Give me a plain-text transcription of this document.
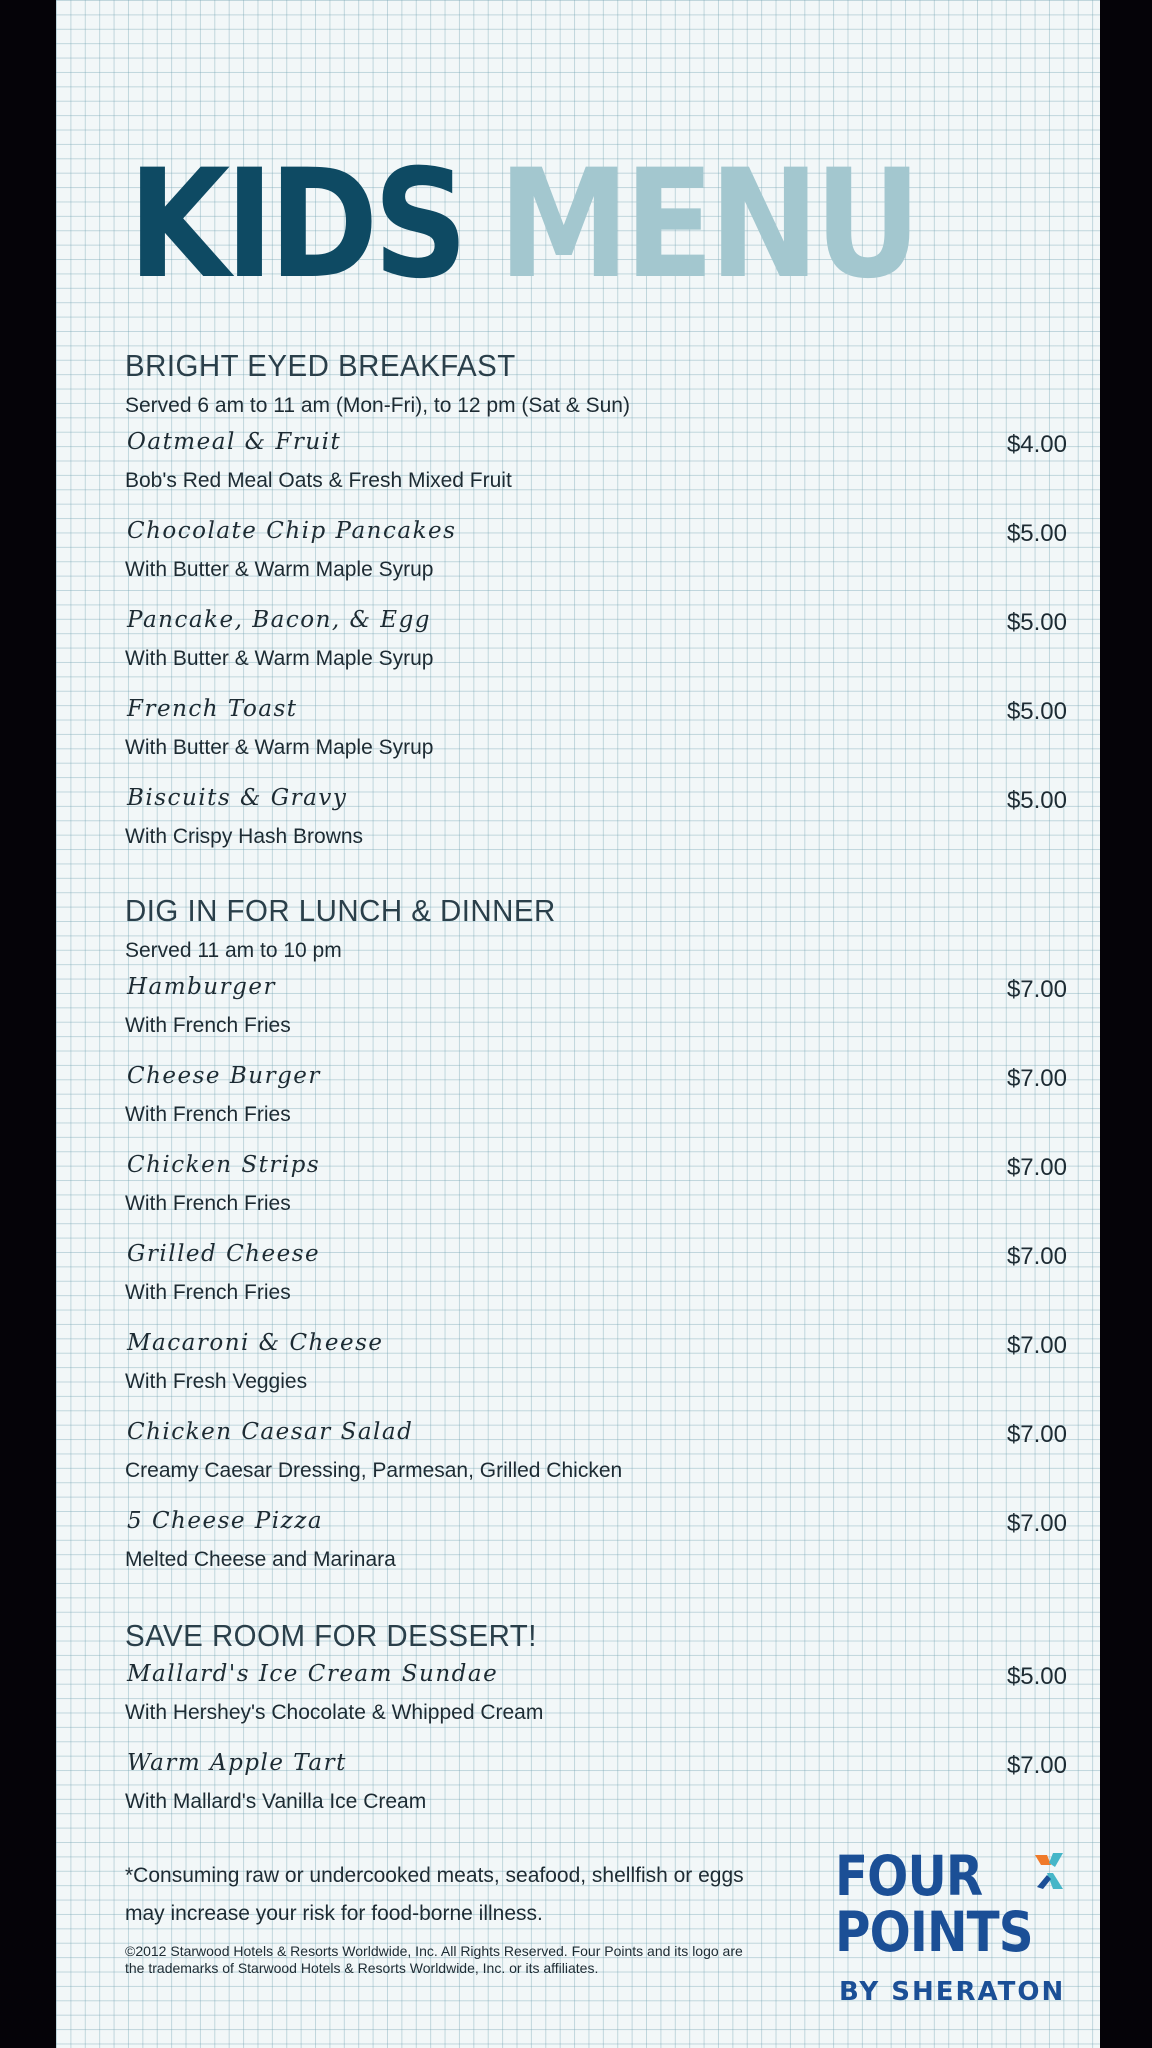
KIDS MENU
BRIGHT EYED BREAKFAST
Served 6 am to 11 am (Mon-Fri), to 12 pm (Sat & Sun)
Oatmeal & Fruit	$4.00
Bob's Red Meal Oats & Fresh Mixed Fruit
Chocolate Chip Pancakes	$5.00
With Butter & Warm Maple Syrup
Pancake, Bacon, & Egg	$5.00
With Butter & Warm Maple Syrup
French Toast	$5.00
With Butter & Warm Maple Syrup
Biscuits & Gravy	$5.00
With Crispy Hash Browns
DIG IN FOR LUNCH & DINNER
Served 11 am to 10 pm
Hamburger	$7.00
With French Fries
Cheese Burger	$7.00
With French Fries
Chicken Strips	$7.00
With French Fries
Grilled Cheese	$7.00
With French Fries
Macaroni & Cheese	$7.00
With Fresh Veggies
Chicken Caesar Salad	$7.00
Creamy Caesar Dressing, Parmesan, Grilled Chicken
5 Cheese Pizza	$7.00
Melted Cheese and Marinara
SAVE ROOM FOR DESSERT!
Mallard's Ice Cream Sundae	$5.00
With Hershey's Chocolate & Whipped Cream
Warm Apple Tart	$7.00
With Mallard's Vanilla Ice Cream
*Consuming raw or undercooked meats, seafood, shellfish or eggs may increase your risk for food-borne illness.
©2012 Starwood Hotels & Resorts Worldwide, Inc. All Rights Reserved. Four Points and its logo are the trademarks of Starwood Hotels & Resorts Worldwide, Inc. or its affiliates.
FOUR
POINTS
BY SHERATON
